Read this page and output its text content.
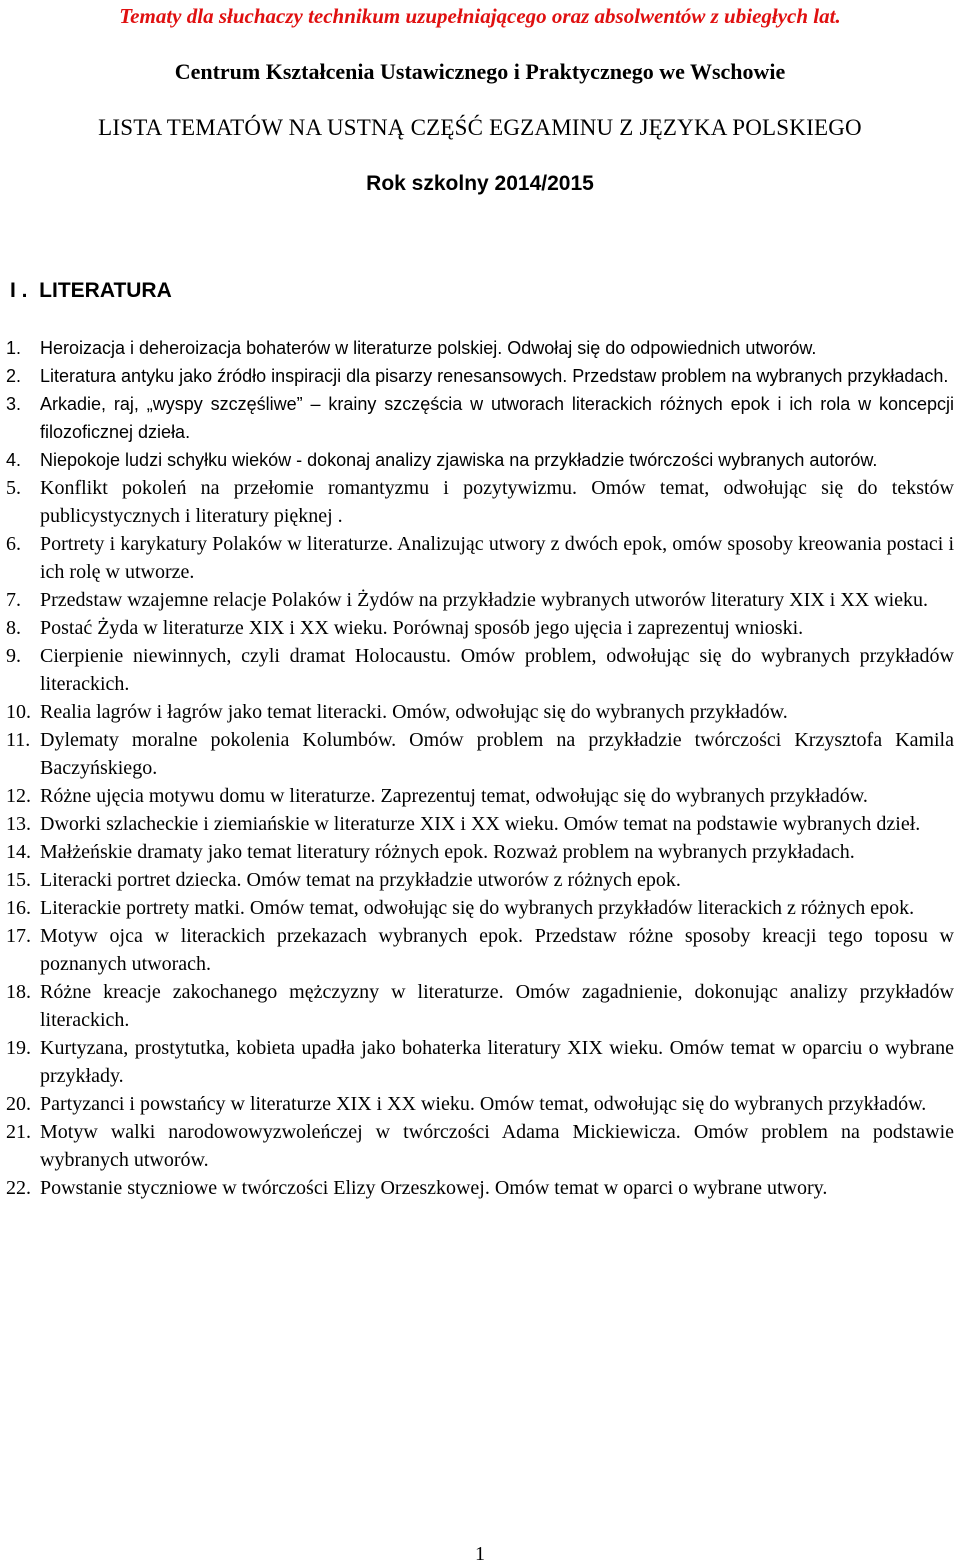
Tematy dla słuchaczy technikum uzupełniającego oraz absolwentów z ubiegłych lat.
Centrum Kształcenia Ustawicznego i Praktycznego we Wschowie
LISTA TEMATÓW NA USTNĄ CZĘŚĆ EGZAMINU Z JĘZYKA POLSKIEGO
Rok szkolny 2014/2015
I .  LITERATURA
1. Heroizacja i deheroizacja bohaterów w literaturze polskiej. Odwołaj się do odpowiednich utworów.
2. Literatura antyku jako źródło inspiracji dla pisarzy renesansowych. Przedstaw problem na wybranych przykładach.
3. Arkadie, raj, „wyspy szczęśliwe” – krainy szczęścia w utworach literackich różnych epok i ich rola w koncepcji filozoficznej dzieła.
4. Niepokoje ludzi schyłku wieków - dokonaj analizy zjawiska na przykładzie twórczości wybranych autorów.
5. Konflikt pokoleń na przełomie romantyzmu i pozytywizmu. Omów temat, odwołując się do tekstów publicystycznych i literatury pięknej .
6. Portrety i karykatury Polaków w literaturze. Analizując utwory z dwóch epok, omów sposoby kreowania postaci i ich rolę w utworze.
7. Przedstaw wzajemne relacje Polaków i Żydów na przykładzie wybranych utworów literatury XIX i XX wieku.
8. Postać Żyda w literaturze XIX i XX wieku. Porównaj sposób jego ujęcia i zaprezentuj wnioski.
9. Cierpienie niewinnych, czyli dramat Holocaustu. Omów problem, odwołując się do wybranych przykładów literackich.
10. Realia lagrów i łagrów jako temat literacki. Omów, odwołując się do wybranych przykładów.
11. Dylematy moralne pokolenia Kolumbów. Omów problem na przykładzie twórczości Krzysztofa Kamila Baczyńskiego.
12. Różne ujęcia motywu domu w literaturze. Zaprezentuj temat, odwołując się do wybranych przykładów.
13. Dworki szlacheckie i ziemiańskie w literaturze XIX i XX wieku. Omów temat na podstawie wybranych dzieł.
14. Małżeńskie dramaty jako temat literatury różnych epok. Rozważ problem na wybranych przykładach.
15. Literacki portret dziecka. Omów temat na przykładzie utworów z różnych epok.
16. Literackie portrety matki. Omów temat, odwołując się do wybranych przykładów literackich z różnych epok.
17. Motyw ojca w literackich przekazach wybranych epok. Przedstaw różne sposoby kreacji tego toposu w poznanych utworach.
18. Różne kreacje zakochanego mężczyzny w literaturze. Omów zagadnienie, dokonując analizy przykładów literackich.
19. Kurtyzana, prostytutka, kobieta upadła jako bohaterka literatury XIX wieku. Omów temat w oparciu o wybrane przykłady.
20. Partyzanci i powstańcy w literaturze XIX i XX wieku. Omów temat, odwołując się do wybranych przykładów.
21. Motyw walki narodowowyzwoleńczej w twórczości Adama Mickiewicza. Omów problem na podstawie wybranych utworów.
22. Powstanie styczniowe w twórczości Elizy Orzeszkowej. Omów temat w oparci o wybrane utwory.
1
